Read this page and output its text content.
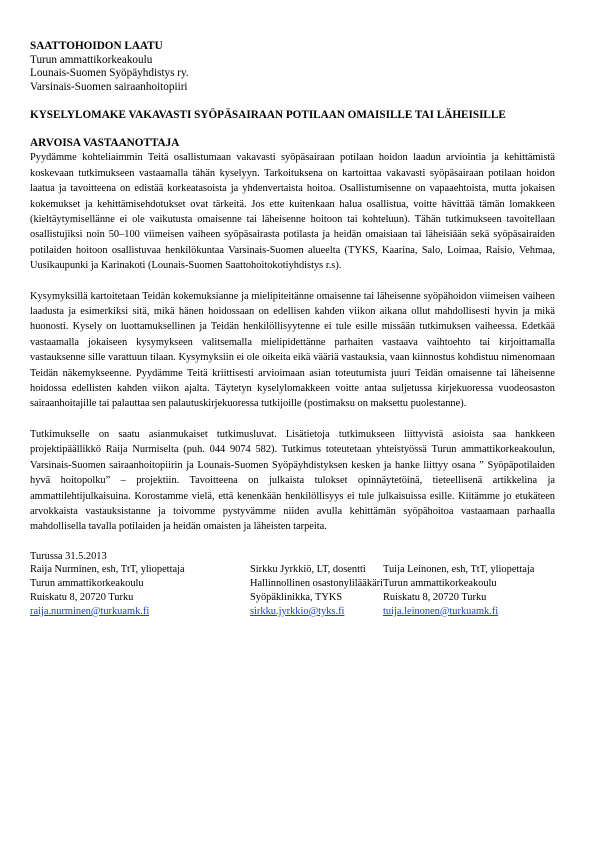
SAATTOHOIDON LAATU
Turun ammattikorkeakoulu
Lounais-Suomen Syöpäyhdistys ry.
Varsinais-Suomen sairaanhoitopiiri
KYSELYLOMAKE VAKAVASTI SYÖPÄSAIRAAN POTILAAN OMAISILLE TAI LÄHEISILLE
ARVOISA VASTAANOTTAJA

Pyydämme kohteliaimmin Teitä osallistumaan vakavasti syöpäsairaan potilaan hoidon laadun arviointia ja kehittämistä koskevaan tutkimukseen vastaamalla tähän kyselyyn. Tarkoituksena on kartoittaa vakavasti syöpäsairaan potilaan hoidon laatua ja tavoitteena on edistää korkeatasoista ja yhdenvertaista hoitoa. Osallistumisenne on vapaaehtoista, mutta jokaisen kokemukset ja kehittämisehdotukset ovat tärkeitä. Jos ette kuitenkaan halua osallistua, voitte hävittää tämän lomakkeen (kieltäytymisellänne ei ole vaikutusta omaisenne tai läheisenne hoitoon tai kohteluun). Tähän tutkimukseen tavoitellaan osallistujiksi noin 50–100 viimeisen vaiheen syöpäsairasta potilasta ja heidän omaisiaan tai läheisiään sekä syöpäsairaiden potilaiden hoitoon osallistuvaa henkilökuntaa Varsinais-Suomen alueelta (TYKS, Kaarina, Salo, Loimaa, Raisio, Vehmaa, Uusikaupunki ja Karinakoti (Lounais-Suomen Saattohoitokotiyhdistys r.s).

Kysymyksillä kartoitetaan Teidän kokemuksianne ja mielipiteitänne omaisenne tai läheisenne syöpähoidon viimeisen vaiheen laadusta ja esimerkiksi sitä, mikä hänen hoidossaan on edellisen kahden viikon aikana ollut mahdollisesti hyvin ja mikä huonosti. Kysely on luottamuksellinen ja Teidän henkilöllisyytenne ei tule esille missään tutkimuksen vaiheessa. Edetkää vastaamalla jokaiseen kysymykseen valitsemalla mielipidettänne parhaiten vastaava vaihtoehto tai kirjoittamalla vastauksenne sille varattuun tilaan. Kysymyksiin ei ole oikeita eikä vääriä vastauksia, vaan kiinnostus kohdistuu nimenomaan Teidän näkemykseenne. Pyydämme Teitä kriittisesti arvioimaan asian toteutumista juuri Teidän omaisenne tai läheisenne hoidossa edellisten kahden viikon ajalta. Täytetyn kyselylomakkeen voitte antaa suljetussa kirjekuoressa vuodeosaston sairaanhoitajille tai palauttaa sen palautuskirjekuoressa tutkijoille (postimaksu on maksettu puolestanne).

Tutkimukselle on saatu asianmukaiset tutkimusluvat. Lisätietoja tutkimukseen liittyvistä asioista saa hankkeen projektipäällikkö Raija Nurmiselta (puh. 044 9074 582). Tutkimus toteutetaan yhteistyössä Turun ammattikorkeakoulun, Varsinais-Suomen sairaanhoitopiirin ja Lounais-Suomen Syöpäyhdistyksen kesken ja hanke liittyy osana ” Syöpäpotilaiden hyvä hoitopolku” – projektiin. Tavoitteena on julkaista tulokset opinnäytetöinä, tieteellisenä artikkelina ja ammattilehtijulkaisuina. Korostamme vielä, että kenenkään henkilöllisyys ei tule julkaisuissa esille. Kiitämme jo etukäteen arvokkaista vastauksistanne ja toivomme pystyvämme niiden avulla kehittämän syöpähoitoa vastaamaan parhaalla mahdollisella tavalla potilaiden ja heidän omaisten ja läheisten tarpeita.

Turussa 31.5.2013
Raija Nurminen, esh, TtT, yliopettaja
Turun ammattikorkeakoulu
Ruiskatu 8, 20720 Turku
raija.nurminen@turkuamk.fi
Sirkku Jyrkkiö, LT, dosentti
Hallinnollinen osastonylilääkäri
Syöpäklinikka, TYKS
sirkku.jyrkkio@tyks.fi
Tuija Leinonen, esh, TtT, yliopettaja
Turun ammattikorkeakoulu
Ruiskatu 8, 20720 Turku
tuija.leinonen@turkuamk.fi
